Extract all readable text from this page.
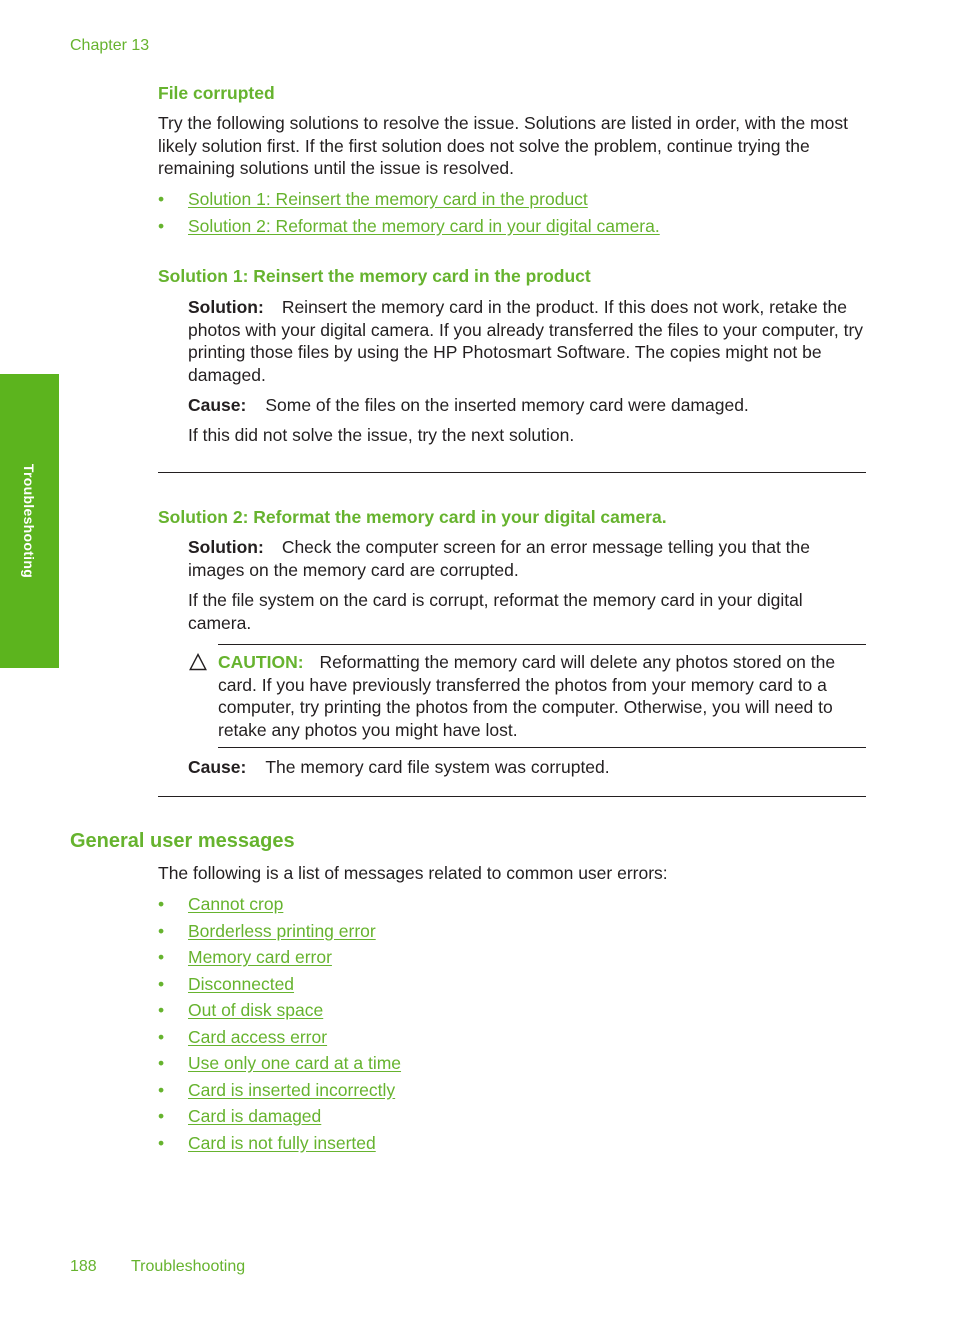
Chapter 13
Troubleshooting
File corrupted
Try the following solutions to resolve the issue. Solutions are listed in order, with the most likely solution first. If the first solution does not solve the problem, continue trying the remaining solutions until the issue is resolved.
• Solution 1: Reinsert the memory card in the product
• Solution 2: Reformat the memory card in your digital camera.
Solution 1: Reinsert the memory card in the product
Solution: Reinsert the memory card in the product. If this does not work, retake the photos with your digital camera. If you already transferred the files to your computer, try printing those files by using the HP Photosmart Software. The copies might not be damaged.
Cause: Some of the files on the inserted memory card were damaged.
If this did not solve the issue, try the next solution.
Solution 2: Reformat the memory card in your digital camera.
Solution: Check the computer screen for an error message telling you that the images on the memory card are corrupted.
If the file system on the card is corrupt, reformat the memory card in your digital camera.
CAUTION: Reformatting the memory card will delete any photos stored on the card. If you have previously transferred the photos from your memory card to a computer, try printing the photos from the computer. Otherwise, you will need to retake any photos you might have lost.
Cause: The memory card file system was corrupted.
General user messages
The following is a list of messages related to common user errors:
• Cannot crop
• Borderless printing error
• Memory card error
• Disconnected
• Out of disk space
• Card access error
• Use only one card at a time
• Card is inserted incorrectly
• Card is damaged
• Card is not fully inserted
188 Troubleshooting
